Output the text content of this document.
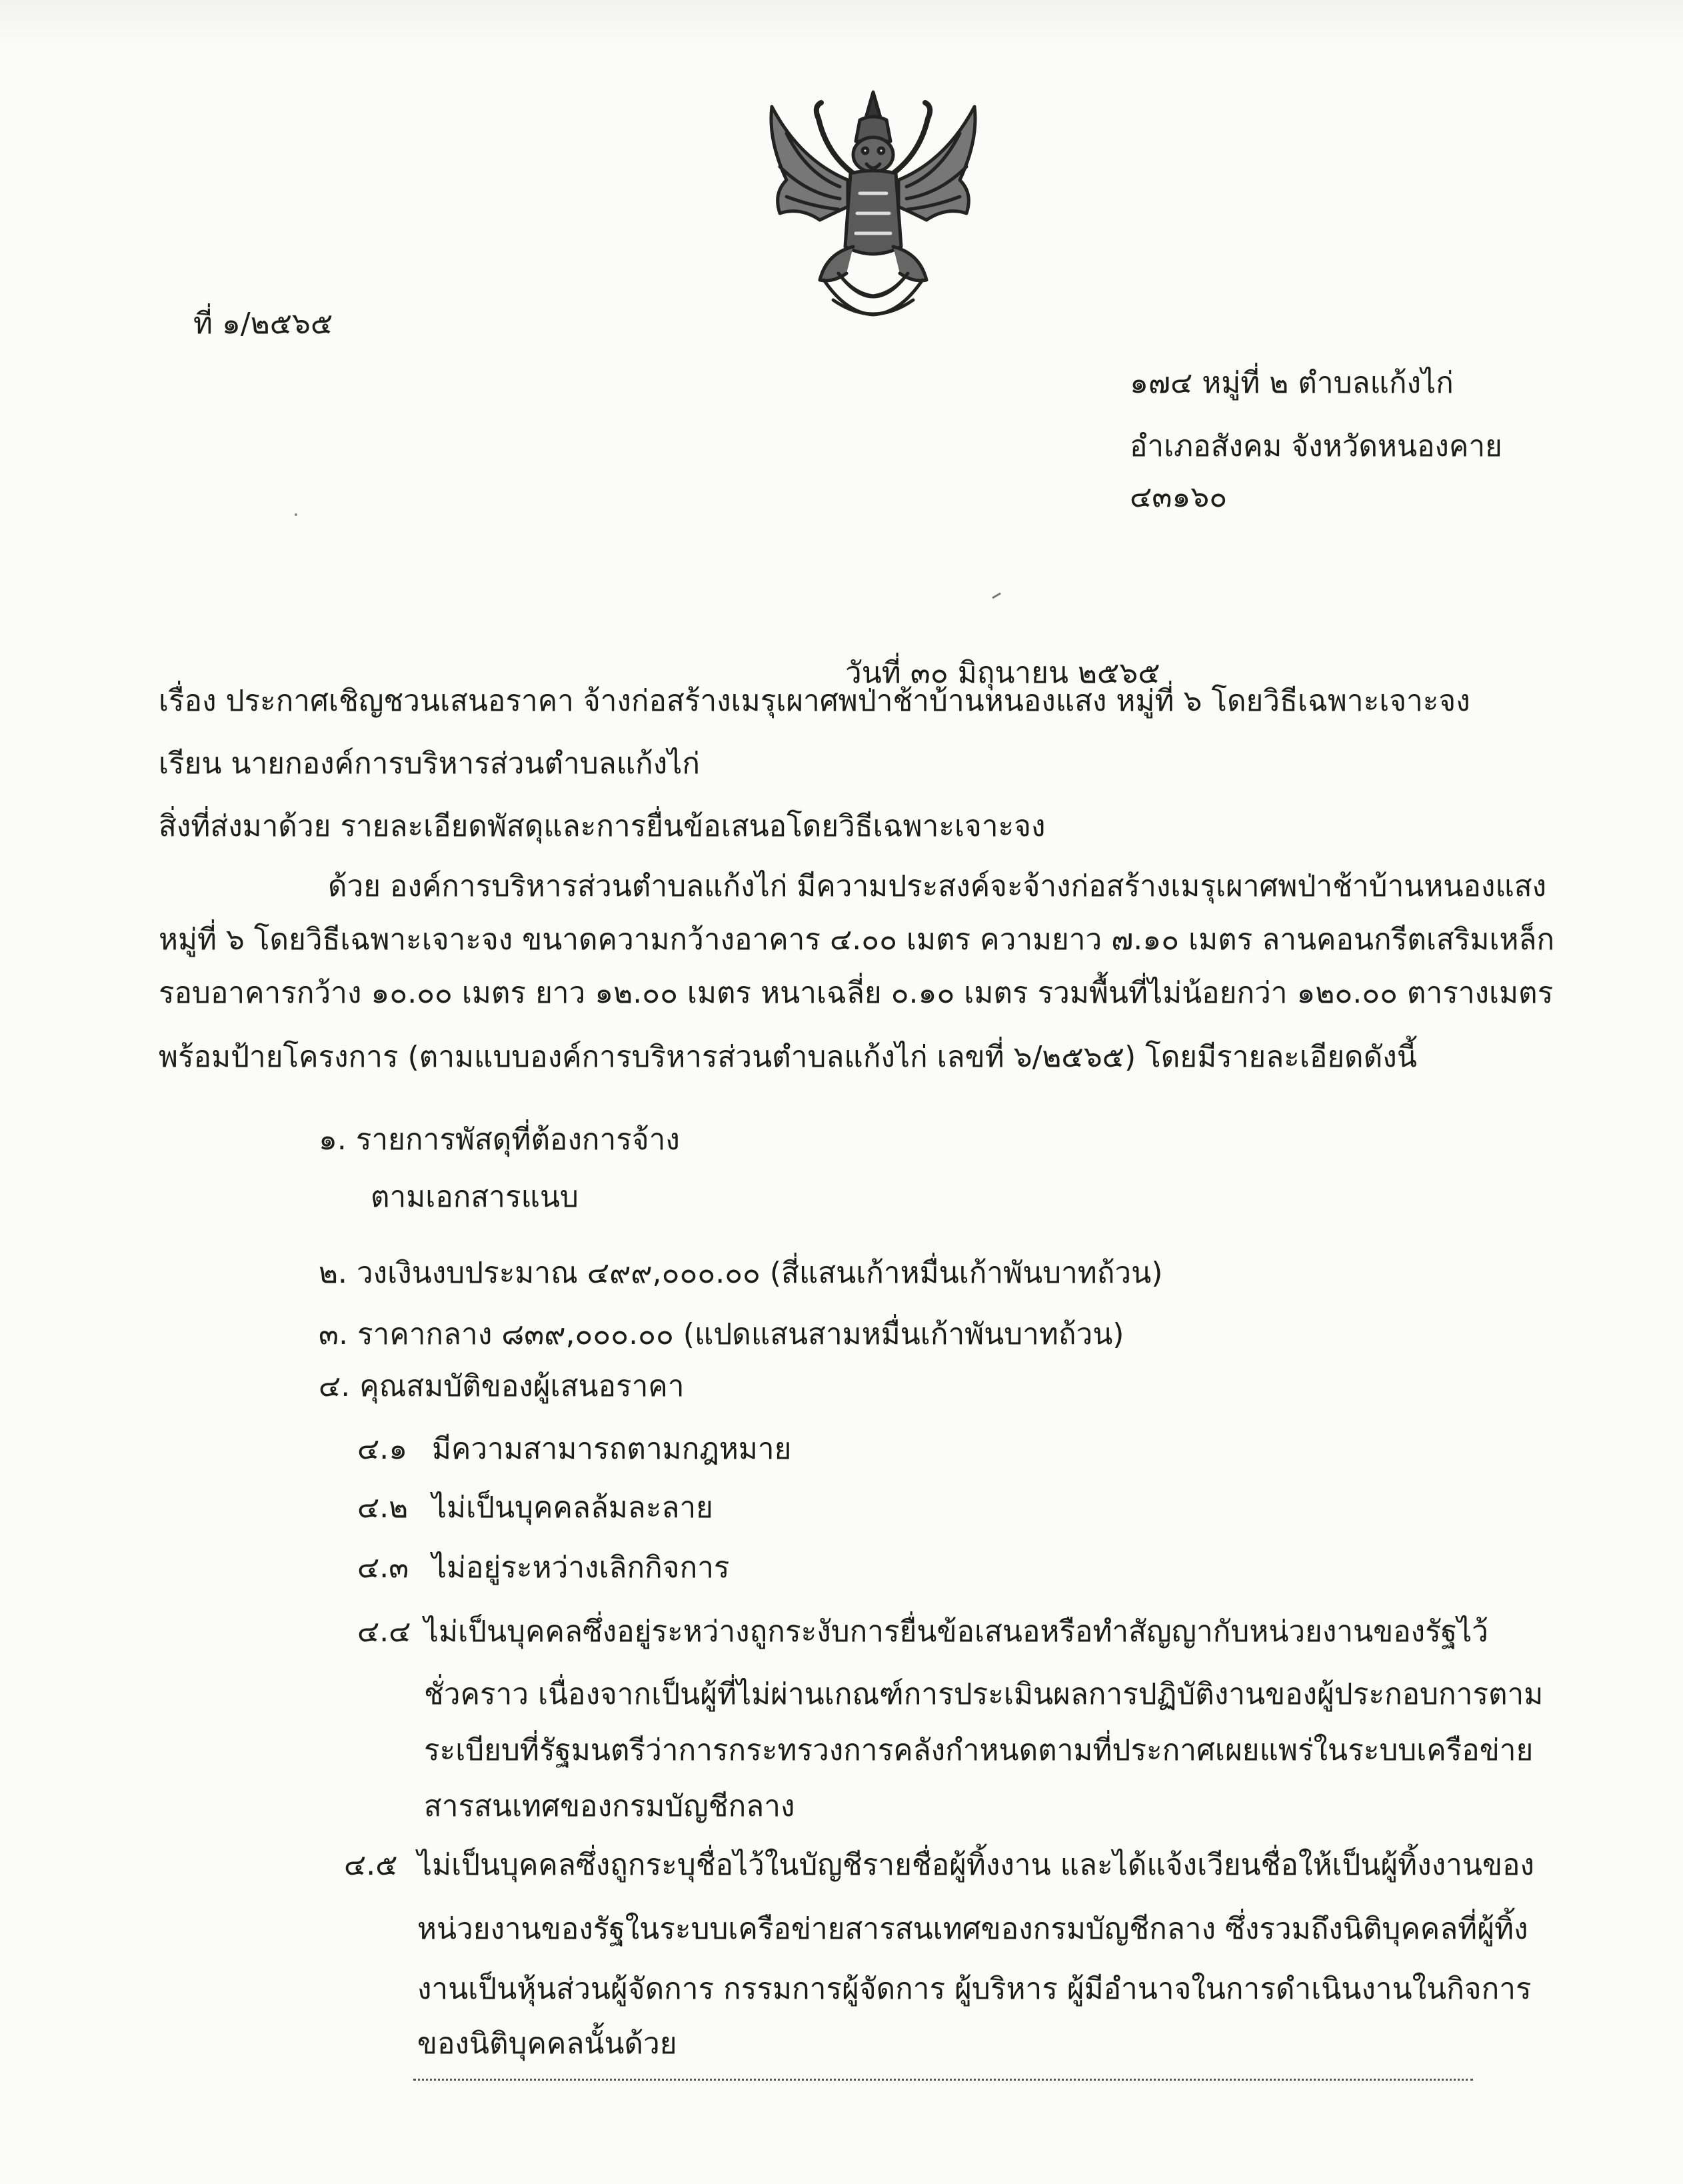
ที่ ๑/๒๕๖๕
๑๗๔ หมู่ที่ ๒ ตำบลแก้งไก่
อำเภอสังคม จังหวัดหนองคาย
๔๓๑๖๐
วันที่ ๓๐ มิถุนายน ๒๕๖๕
เรื่อง ประกาศเชิญชวนเสนอราคา จ้างก่อสร้างเมรุเผาศพป่าช้าบ้านหนองแสง หมู่ที่ ๖ โดยวิธีเฉพาะเจาะจง
เรียน นายกองค์การบริหารส่วนตำบลแก้งไก่
สิ่งที่ส่งมาด้วย รายละเอียดพัสดุและการยื่นข้อเสนอโดยวิธีเฉพาะเจาะจง
ด้วย องค์การบริหารส่วนตำบลแก้งไก่ มีความประสงค์จะจ้างก่อสร้างเมรุเผาศพป่าช้าบ้านหนองแสง
หมู่ที่ ๖ โดยวิธีเฉพาะเจาะจง ขนาดความกว้างอาคาร ๔.๐๐ เมตร ความยาว ๗.๑๐ เมตร ลานคอนกรีตเสริมเหล็ก
รอบอาคารกว้าง ๑๐.๐๐ เมตร ยาว ๑๒.๐๐ เมตร หนาเฉลี่ย ๐.๑๐ เมตร รวมพื้นที่ไม่น้อยกว่า ๑๒๐.๐๐ ตารางเมตร
พร้อมป้ายโครงการ (ตามแบบองค์การบริหารส่วนตำบลแก้งไก่ เลขที่ ๖/๒๕๖๕) โดยมีรายละเอียดดังนี้
๑. รายการพัสดุที่ต้องการจ้าง
ตามเอกสารแนบ
๒. วงเงินงบประมาณ ๔๙๙,๐๐๐.๐๐ (สี่แสนเก้าหมื่นเก้าพันบาทถ้วน)
๓. ราคากลาง ๘๓๙,๐๐๐.๐๐ (แปดแสนสามหมื่นเก้าพันบาทถ้วน)
๔. คุณสมบัติของผู้เสนอราคา
๔.๑ มีความสามารถตามกฎหมาย
๔.๒ ไม่เป็นบุคคลล้มละลาย
๔.๓ ไม่อยู่ระหว่างเลิกกิจการ
๔.๔ ไม่เป็นบุคคลซึ่งอยู่ระหว่างถูกระงับการยื่นข้อเสนอหรือทำสัญญากับหน่วยงานของรัฐไว้
ชั่วคราว เนื่องจากเป็นผู้ที่ไม่ผ่านเกณฑ์การประเมินผลการปฏิบัติงานของผู้ประกอบการตาม
ระเบียบที่รัฐมนตรีว่าการกระทรวงการคลังกำหนดตามที่ประกาศเผยแพร่ในระบบเครือข่าย
สารสนเทศของกรมบัญชีกลาง
๔.๕ ไม่เป็นบุคคลซึ่งถูกระบุชื่อไว้ในบัญชีรายชื่อผู้ทิ้งงาน และได้แจ้งเวียนชื่อให้เป็นผู้ทิ้งงานของ
หน่วยงานของรัฐในระบบเครือข่ายสารสนเทศของกรมบัญชีกลาง ซึ่งรวมถึงนิติบุคคลที่ผู้ทิ้ง
งานเป็นหุ้นส่วนผู้จัดการ กรรมการผู้จัดการ ผู้บริหาร ผู้มีอำนาจในการดำเนินงานในกิจการ
ของนิติบุคคลนั้นด้วย
